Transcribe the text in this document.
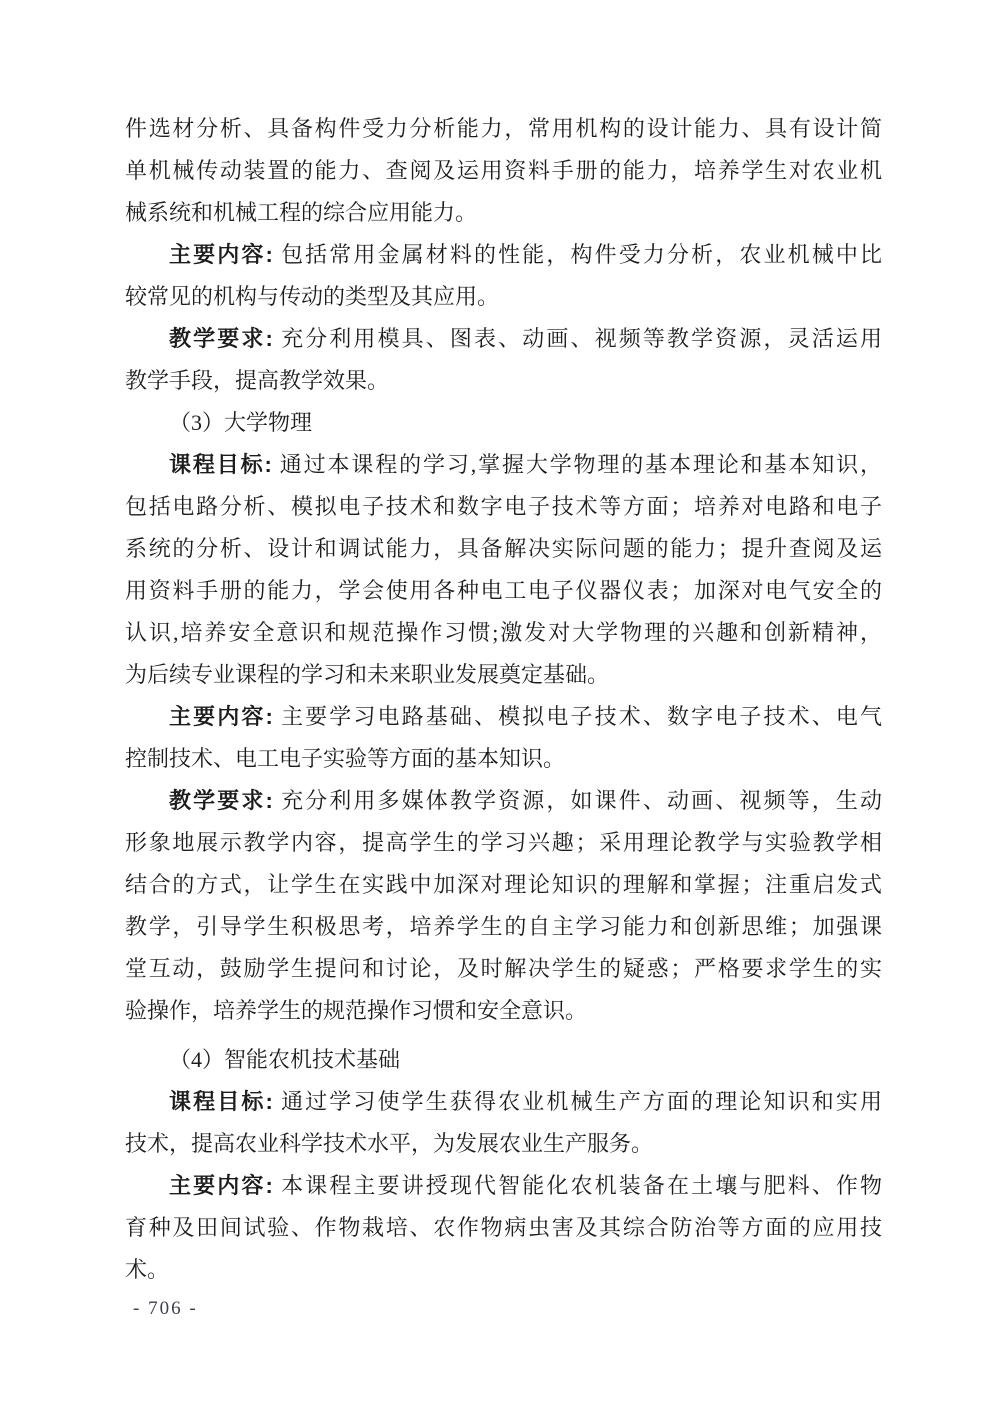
件选材分析、具备构件受力分析能力，常用机构的设计能力、具有设计简
单机械传动装置的能力、查阅及运用资料手册的能力，培养学生对农业机
械系统和机械工程的综合应用能力。
主要内容: 包括常用金属材料的性能，构件受力分析，农业机械中比
较常见的机构与传动的类型及其应用。
教学要求: 充分利用模具、图表、动画、视频等教学资源，灵活运用
教学手段，提高教学效果。
（3）大学物理
课程目标: 通过本课程的学习,掌握大学物理的基本理论和基本知识，
包括电路分析、模拟电子技术和数字电子技术等方面；培养对电路和电子
系统的分析、设计和调试能力，具备解决实际问题的能力；提升查阅及运
用资料手册的能力，学会使用各种电工电子仪器仪表；加深对电气安全的
认识,培养安全意识和规范操作习惯;激发对大学物理的兴趣和创新精神，
为后续专业课程的学习和未来职业发展奠定基础。
主要内容: 主要学习电路基础、模拟电子技术、数字电子技术、电气
控制技术、电工电子实验等方面的基本知识。
教学要求: 充分利用多媒体教学资源，如课件、动画、视频等，生动
形象地展示教学内容，提高学生的学习兴趣；采用理论教学与实验教学相
结合的方式，让学生在实践中加深对理论知识的理解和掌握；注重启发式
教学，引导学生积极思考，培养学生的自主学习能力和创新思维；加强课
堂互动，鼓励学生提问和讨论，及时解决学生的疑惑；严格要求学生的实
验操作，培养学生的规范操作习惯和安全意识。
（4）智能农机技术基础
课程目标: 通过学习使学生获得农业机械生产方面的理论知识和实用
技术，提高农业科学技术水平，为发展农业生产服务。
主要内容: 本课程主要讲授现代智能化农机装备在土壤与肥料、作物
育种及田间试验、作物栽培、农作物病虫害及其综合防治等方面的应用技
术。
- 706 -
